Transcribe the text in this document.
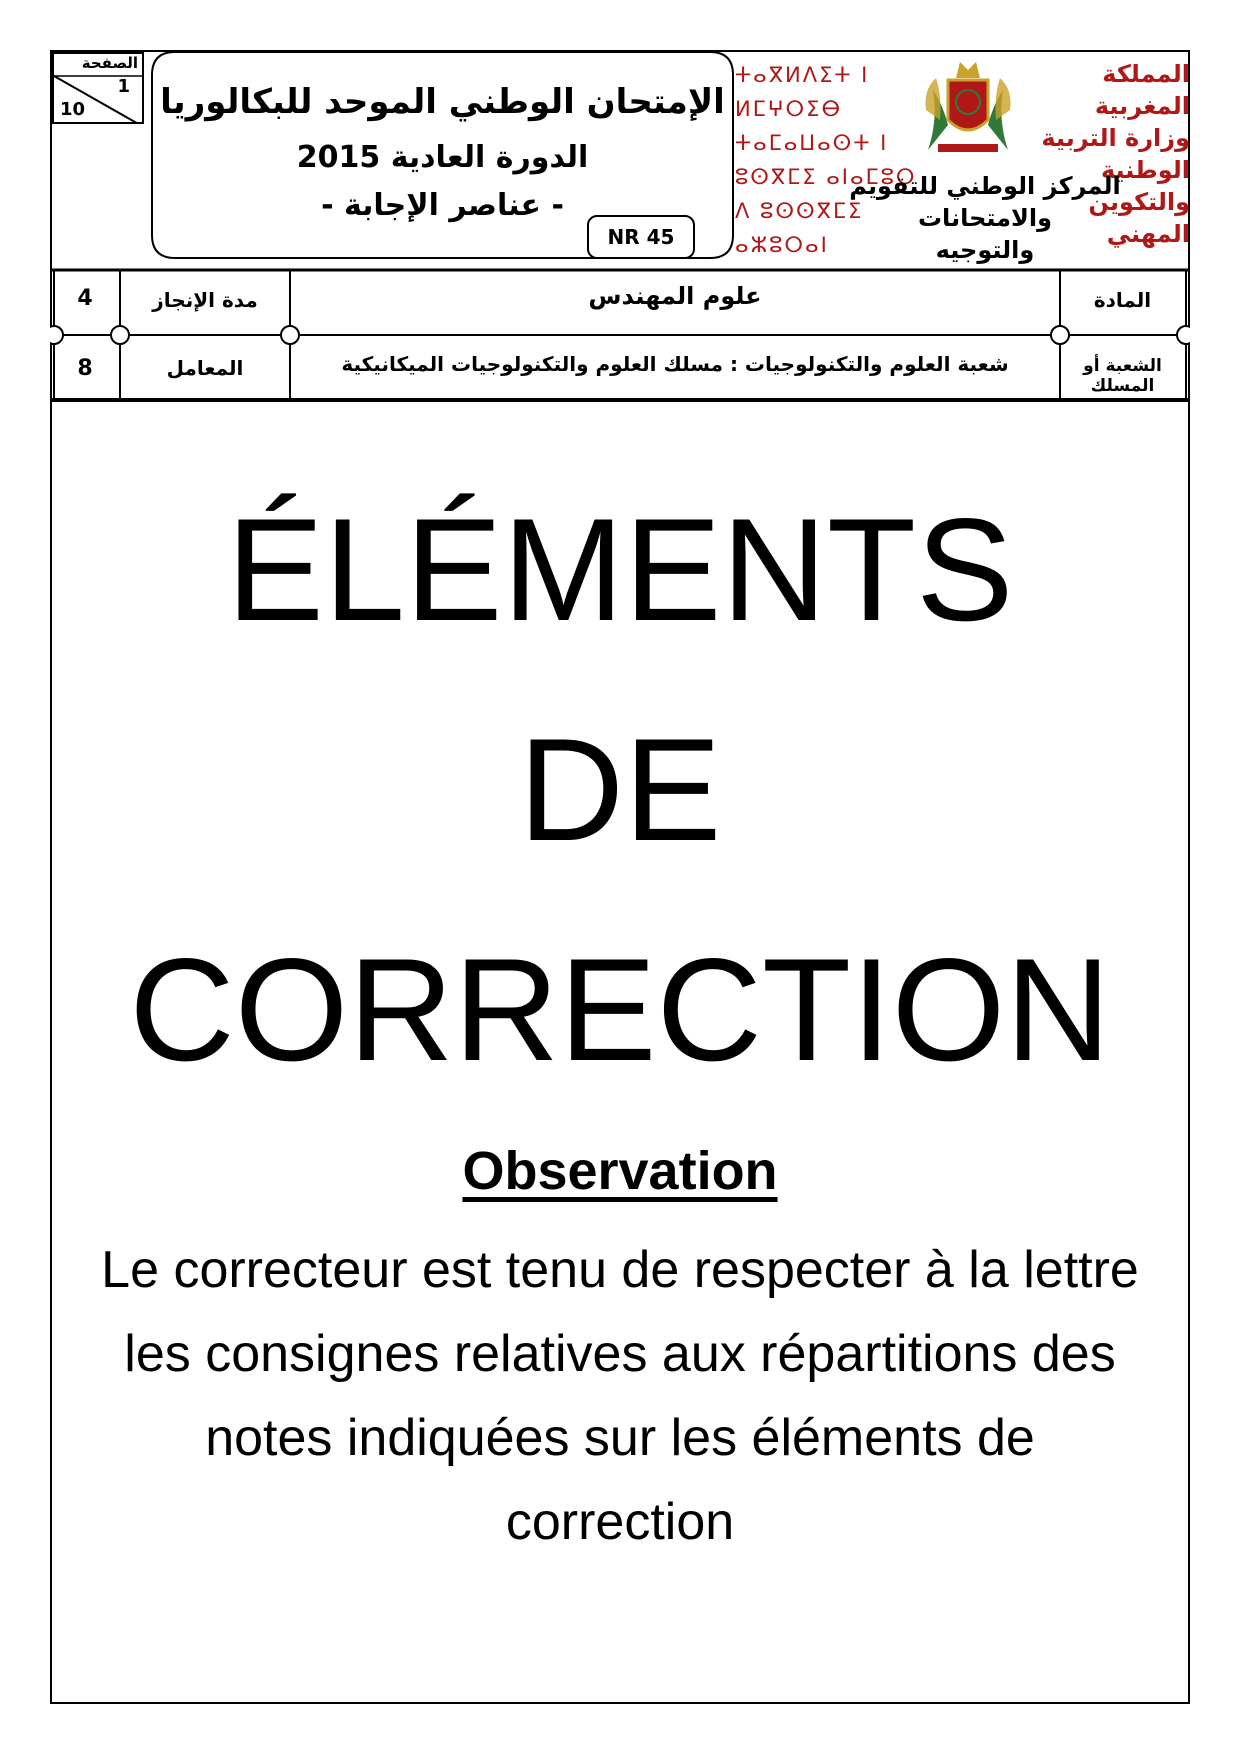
الصفحة
1
10 الإمتحان الوطني الموحد للبكالوريا
الدورة العادية 2015
- عناصر الإجابة -
NR 45
ⵜⴰⴳⵍⴷⵉⵜ ⵏ ⵍⵎⵖⵔⵉⴱ
ⵜⴰⵎⴰⵡⴰⵙⵜ ⵏ ⵓⵙⴳⵎⵉ ⴰⵏⴰⵎⵓⵔ
ⴷ ⵓⵙⵙⴳⵎⵉ ⴰⵣⵓⵔⴰⵏ
المملكة المغربية
وزارة التربية الوطنية
والتكوين المهني
المركز الوطني للتقويم والامتحانات
والتوجيه
4	مدة الإنجاز	علوم المهندس	المادة
8	المعامل	شعبة العلوم والتكنولوجيات : مسلك العلوم والتكنولوجيات الميكانيكية	الشعبة أو المسلك
ÉLÉMENTS
DE
CORRECTION
Observation
Le correcteur est tenu de respecter à la lettre les consignes relatives aux répartitions des notes indiquées sur les éléments de correction
